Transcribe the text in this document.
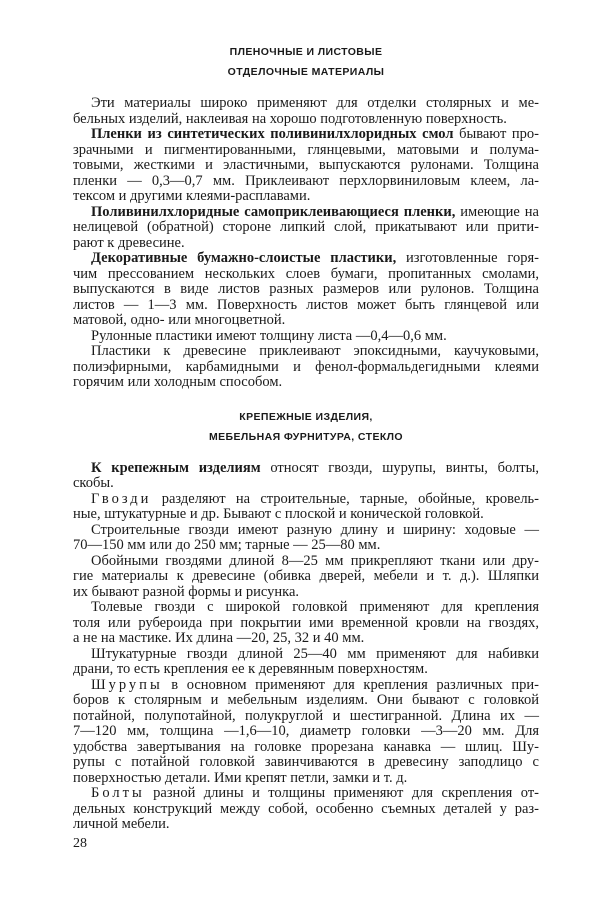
ПЛЕНОЧНЫЕ И ЛИСТОВЫЕ
ОТДЕЛОЧНЫЕ МАТЕРИАЛЫ
Эти материалы широко применяют для отделки столярных и ме-
бельных изделий, наклеивая на хорошо подготовленную поверхность.
Пленки из синтетических поливинилхлоридных смол бывают про-
зрачными и пигментированными, глянцевыми, матовыми и полума-
товыми, жесткими и эластичными, выпускаются рулонами. Толщина
пленки — 0,3—0,7 мм. Приклеивают перхлорвиниловым клеем, ла-
тексом и другими клеями-расплавами.
Поливинилхлоридные самоприклеивающиеся пленки, имеющие на
нелицевой (обратной) стороне липкий слой, прикатывают или прити-
рают к древесине.
Декоративные бумажно-слоистые пластики, изготовленные горя-
чим прессованием нескольких слоев бумаги, пропитанных смолами,
выпускаются в виде листов разных размеров или рулонов. Толщина
листов — 1—3 мм. Поверхность листов может быть глянцевой или
матовой, одно- или многоцветной.
Рулонные пластики имеют толщину листа —0,4—0,6 мм.
Пластики к древесине приклеивают эпоксидными, каучуковыми,
полиэфирными, карбамидными и фенол-формальдегидными клеями
горячим или холодным способом.
КРЕПЕЖНЫЕ ИЗДЕЛИЯ,
МЕБЕЛЬНАЯ ФУРНИТУРА, СТЕКЛО
К крепежным изделиям относят гвозди, шурупы, винты, болты,
скобы.
Гвозди разделяют на строительные, тарные, обойные, кровель-
ные, штукатурные и др. Бывают с плоской и конической головкой.
Строительные гвозди имеют разную длину и ширину: ходовые —
70—150 мм или до 250 мм; тарные — 25—80 мм.
Обойными гвоздями длиной 8—25 мм прикрепляют ткани или дру-
гие материалы к древесине (обивка дверей, мебели и т. д.). Шляпки
их бывают разной формы и рисунка.
Толевые гвозди с широкой головкой применяют для крепления
толя или рубероида при покрытии ими временной кровли на гвоздях,
а не на мастике. Их длина —20, 25, 32 и 40 мм.
Штукатурные гвозди длиной 25—40 мм применяют для набивки
драни, то есть крепления ее к деревянным поверхностям.
Шурупы в основном применяют для крепления различных при-
боров к столярным и мебельным изделиям. Они бывают с головкой
потайной, полупотайной, полукруглой и шестигранной. Длина их —
7—120 мм, толщина —1,6—10, диаметр головки —3—20 мм. Для
удобства завертывания на головке прорезана канавка — шлиц. Шу-
рупы с потайной головкой завинчиваются в древесину заподлицо с
поверхностью детали. Ими крепят петли, замки и т. д.
Болты разной длины и толщины применяют для скрепления от-
дельных конструкций между собой, особенно съемных деталей у раз-
личной мебели.
28
